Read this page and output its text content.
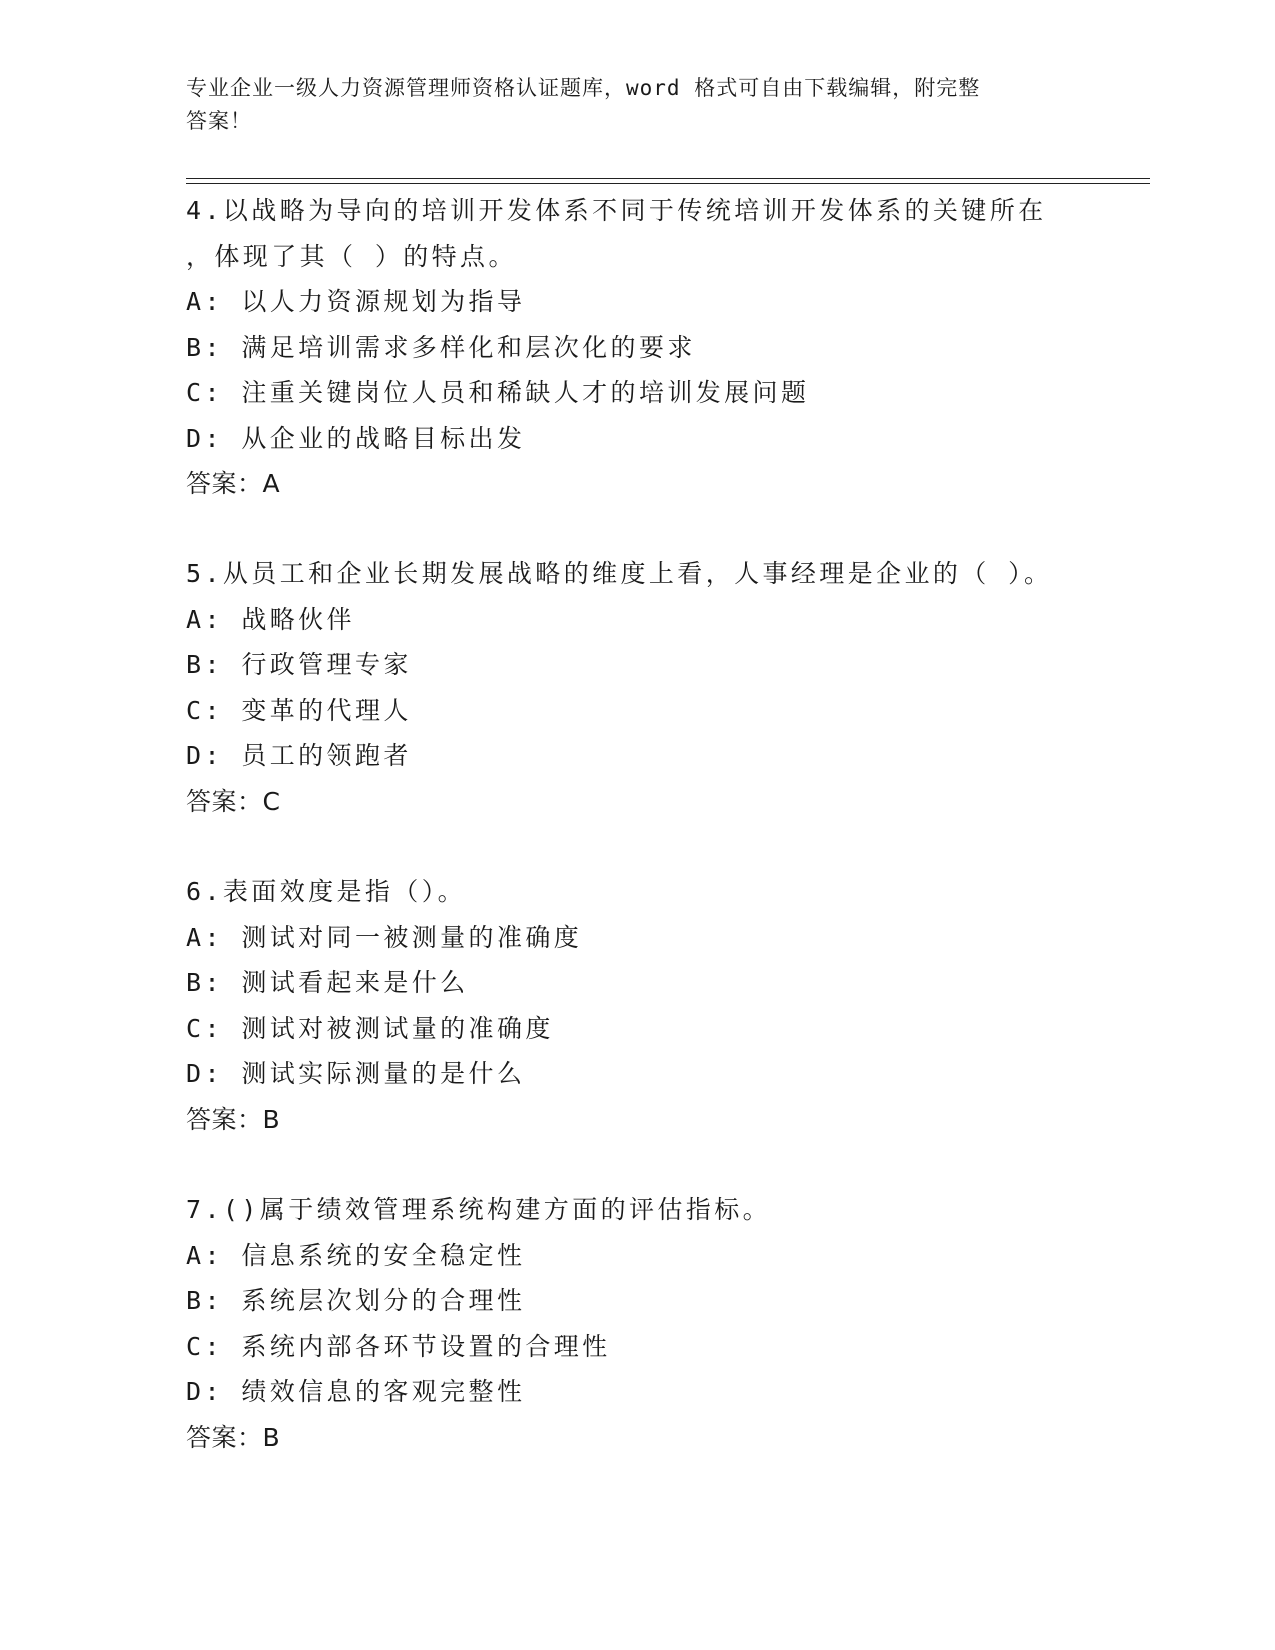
专业企业一级人力资源管理师资格认证题库，word 格式可自由下载编辑，附完整
答案！
4.以战略为导向的培训开发体系不同于传统培训开发体系的关键所在
，体现了其（ ）的特点。
A: 以人力资源规划为指导
B: 满足培训需求多样化和层次化的要求
C: 注重关键岗位人员和稀缺人才的培训发展问题
D: 从企业的战略目标出发
答案：A
5.从员工和企业长期发展战略的维度上看，人事经理是企业的（ ）。
A: 战略伙伴
B: 行政管理专家
C: 变革的代理人
D: 员工的领跑者
答案：C
6.表面效度是指（）。
A: 测试对同一被测量的准确度
B: 测试看起来是什么
C: 测试对被测试量的准确度
D: 测试实际测量的是什么
答案：B
7.()属于绩效管理系统构建方面的评估指标。
A: 信息系统的安全稳定性
B: 系统层次划分的合理性
C: 系统内部各环节设置的合理性
D: 绩效信息的客观完整性
答案：B
